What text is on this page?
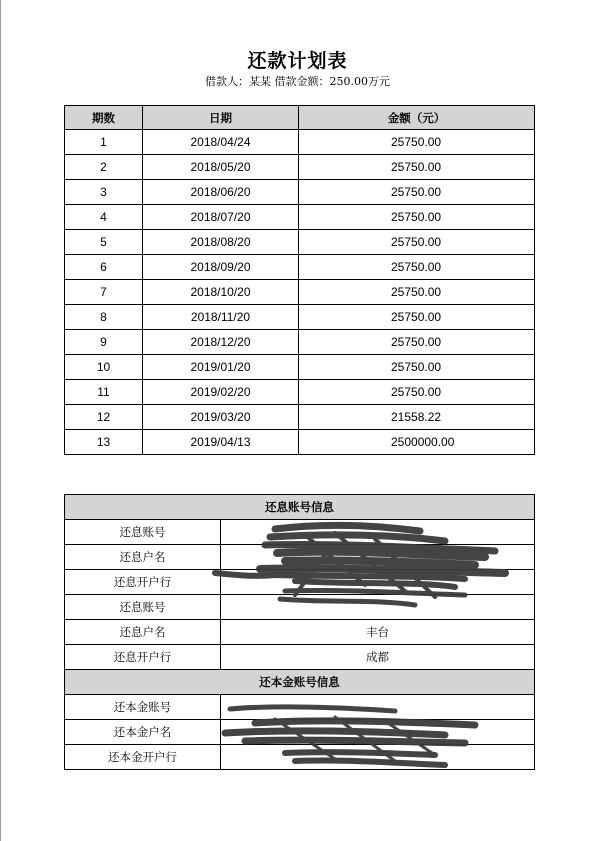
还款计划表
借款人：某某 借款金额：250.00万元
期数	日期	金额（元）
1	2018/04/24	25750.00
2	2018/05/20	25750.00
3	2018/06/20	25750.00
4	2018/07/20	25750.00
5	2018/08/20	25750.00
6	2018/09/20	25750.00
7	2018/10/20	25750.00
8	2018/11/20	25750.00
9	2018/12/20	25750.00
10	2019/01/20	25750.00
11	2019/02/20	25750.00
12	2019/03/20	21558.22
13	2019/04/13	2500000.00
还息账号信息	
还息账号	
还息户名	
还息开户行	
还息账号	
还息户名	丰台
还息开户行	成都
还本金账号信息	
还本金账号	
还本金户名	
还本金开户行	
